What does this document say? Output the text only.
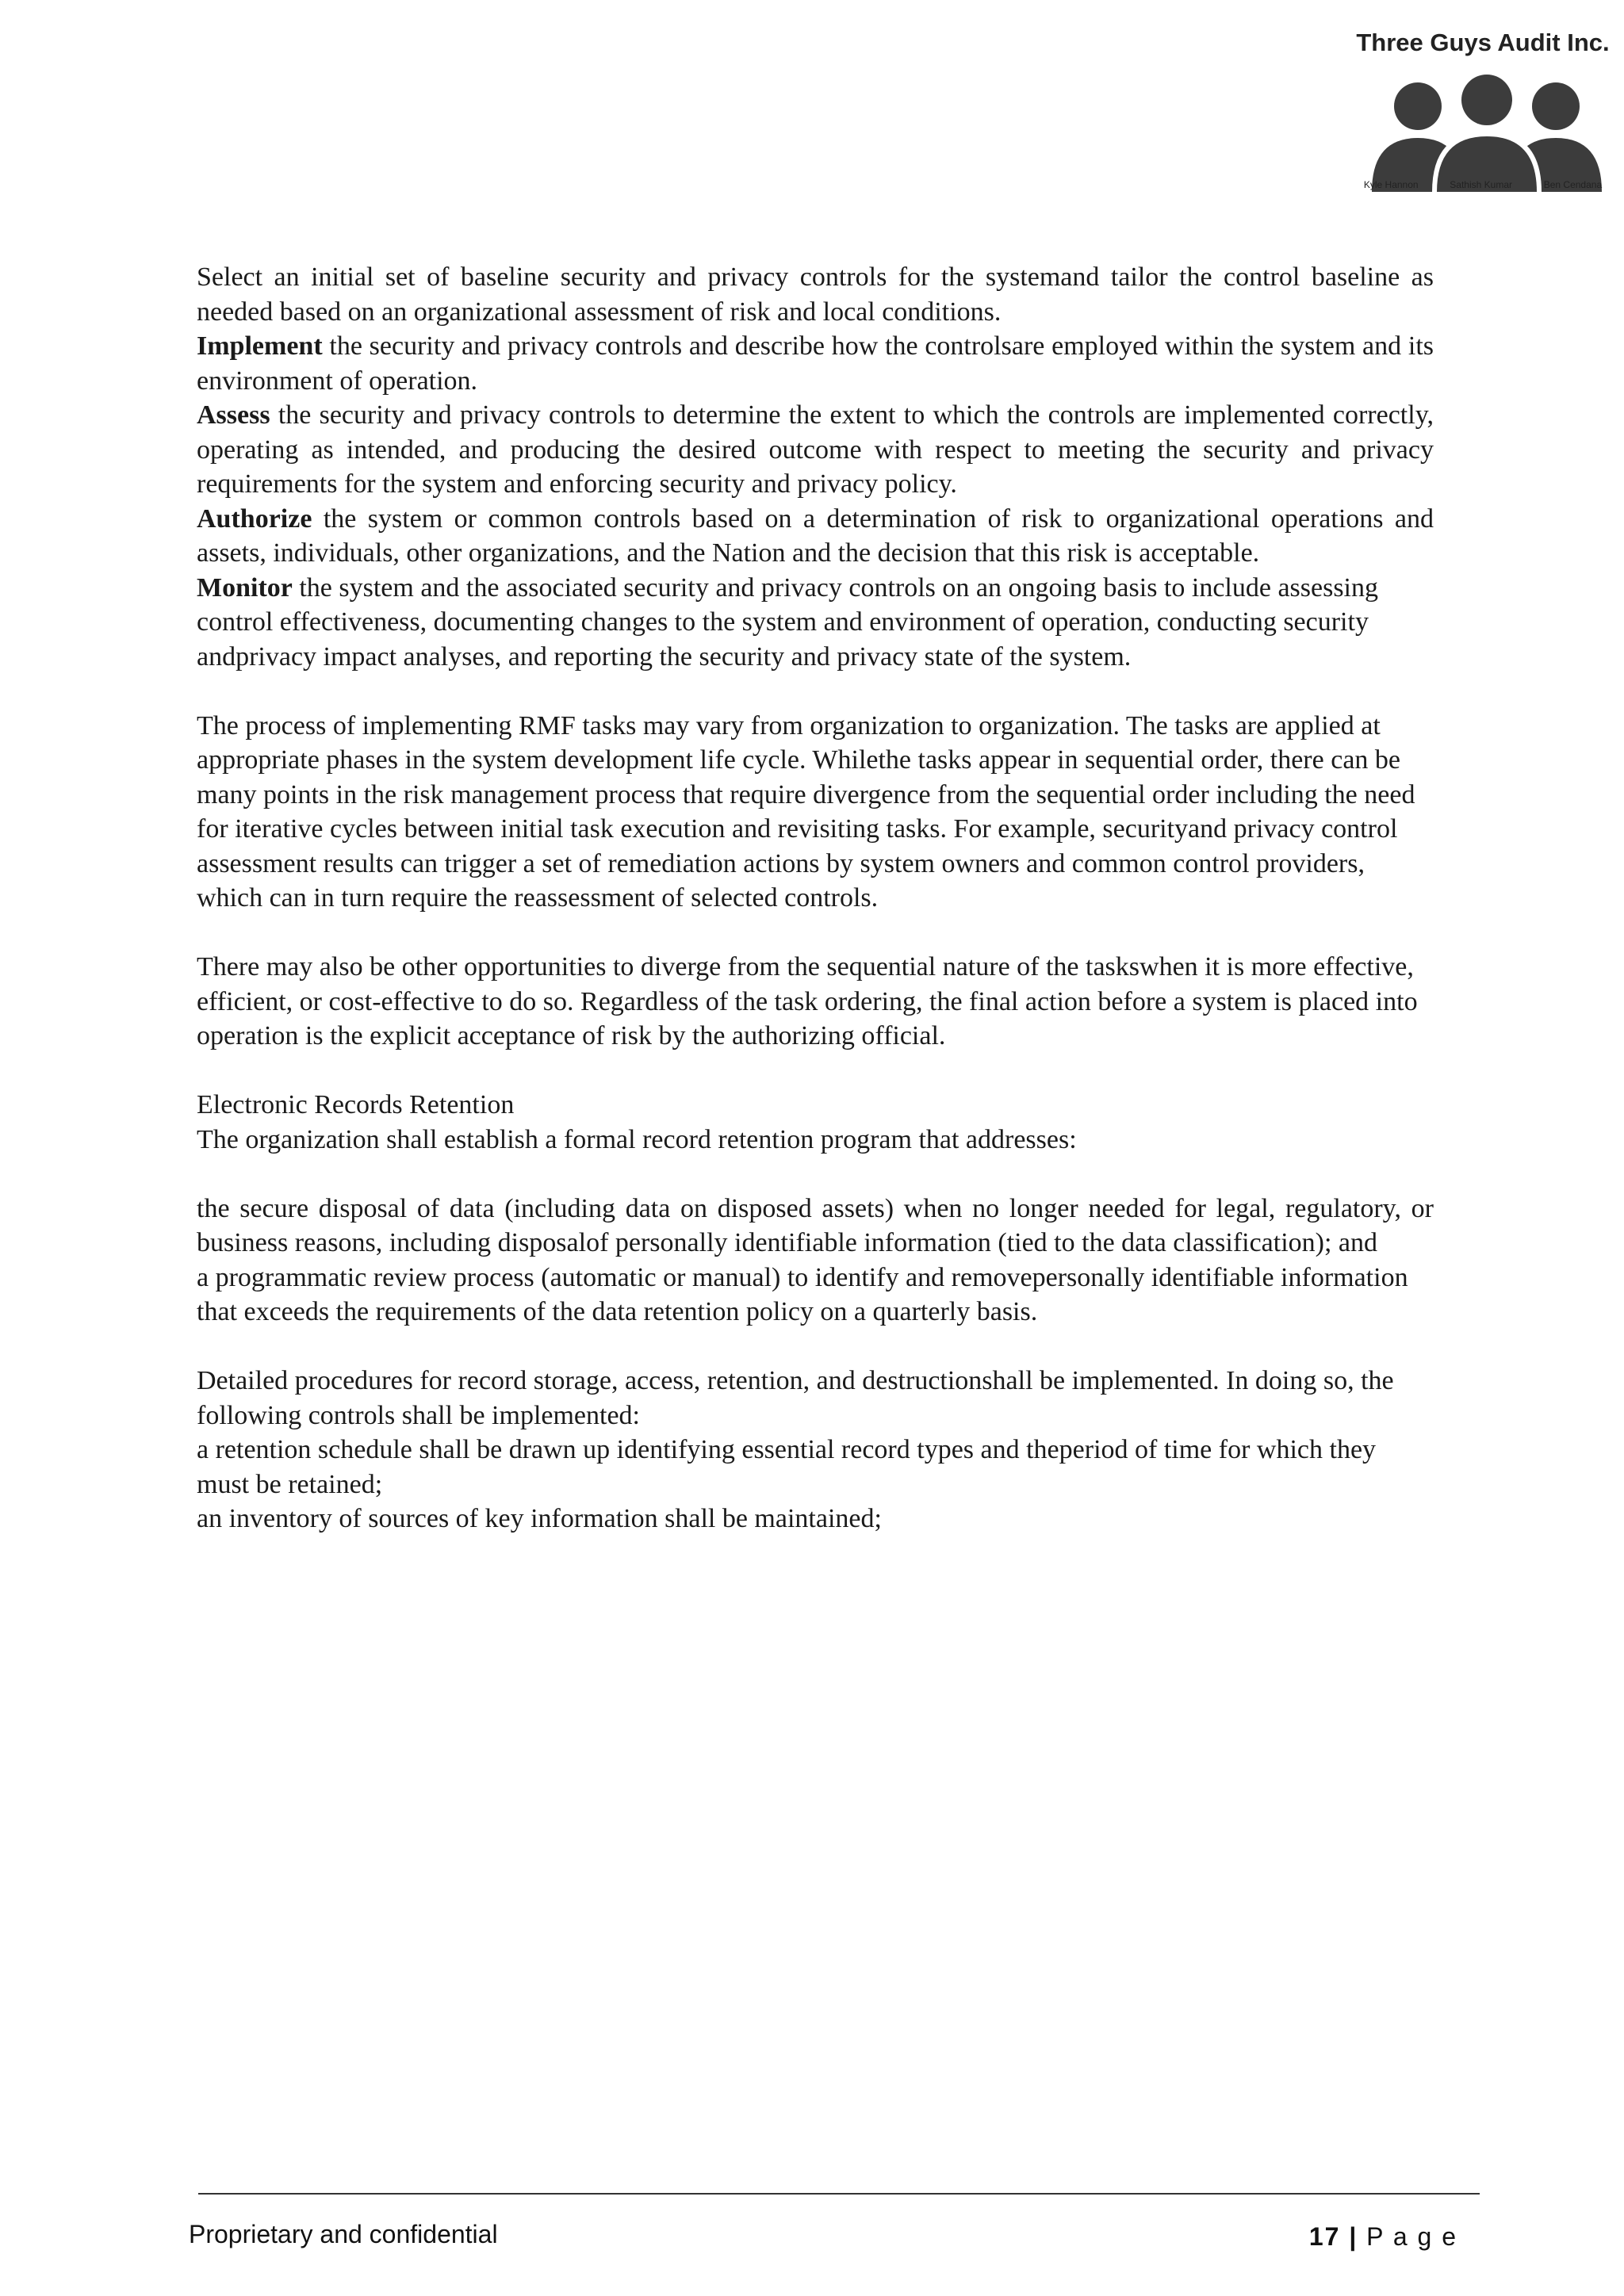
Three Guys Audit Inc.
Kyle Hannon	Sathish Kumar	Ben Cendana

Select an initial set of baseline security and privacy controls for the systemand tailor the control baseline as needed based on an organizational assessment of risk and local conditions.

Implement the security and privacy controls and describe how the controlsare employed within the system and its environment of operation.

Assess the security and privacy controls to determine the extent to which the controls are implemented correctly, operating as intended, and producing the desired outcome with respect to meeting the security and privacy requirements for the system and enforcing security and privacy policy.

Authorize the system or common controls based on a determination of risk to organizational operations and assets, individuals, other organizations, and the Nation and the decision that this risk is acceptable.

Monitor the system and the associated security and privacy controls on an ongoing basis to include assessing control effectiveness, documenting changes to the system and environment of operation, conducting security andprivacy impact analyses, and reporting the security and privacy state of the system.

The process of implementing RMF tasks may vary from organization to organization. The tasks are applied at appropriate phases in the system development life cycle. Whilethe tasks appear in sequential order, there can be many points in the risk management process that require divergence from the sequential order including the need for iterative cycles between initial task execution and revisiting tasks. For example, securityand privacy control assessment results can trigger a set of remediation actions by system owners and common control providers, which can in turn require the reassessment of selected controls.

There may also be other opportunities to diverge from the sequential nature of the taskswhen it is more effective, efficient, or cost-effective to do so. Regardless of the task ordering, the final action before a system is placed into operation is the explicit acceptance of risk by the authorizing official.

Electronic Records Retention

The organization shall establish a formal record retention program that addresses:

the secure disposal of data (including data on disposed assets) when no longer needed for legal, regulatory, or business reasons, including disposalof personally identifiable information (tied to the data classification); and

a programmatic review process (automatic or manual) to identify and removepersonally identifiable information that exceeds the requirements of the data retention policy on a quarterly basis.

Detailed procedures for record storage, access, retention, and destructionshall be implemented. In doing so, the following controls shall be implemented:

a retention schedule shall be drawn up identifying essential record types and theperiod of time for which they must be retained;

an inventory of sources of key information shall be maintained;

Proprietary and confidential	17 | P a g e
